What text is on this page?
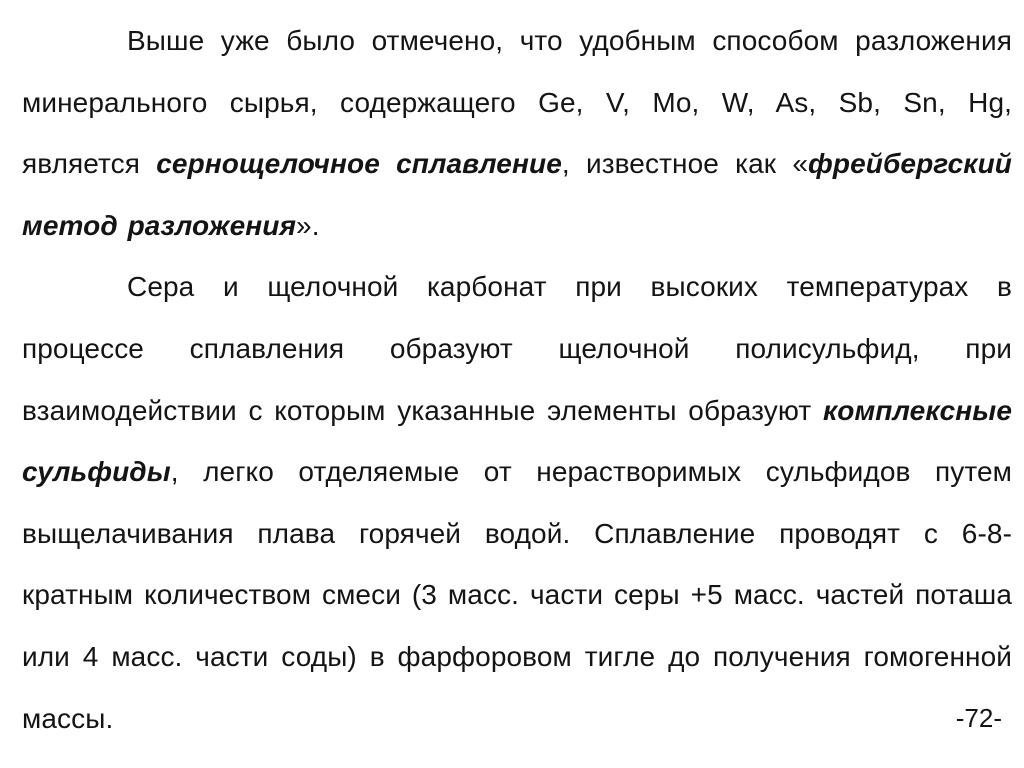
Выше уже было отмечено, что удобным способом разложения минерального сырья, содержащего Ge, V, Mo, W, As, Sb, Sn, Hg, является сернощелочное сплавление, известное как «фрейбергский метод разложения».

Сера и щелочной карбонат при высоких температурах в процессе сплавления образуют щелочной полисульфид, при взаимодействии с которым указанные элементы образуют комплексные сульфиды, легко отделяемые от нерастворимых сульфидов путем выщелачивания плава горячей водой. Сплавление проводят с 6-8-кратным количеством смеси (3 масс. части серы +5 масс. частей поташа или 4 масс. части соды) в фарфоровом тигле до получения гомогенной массы.	-72-
